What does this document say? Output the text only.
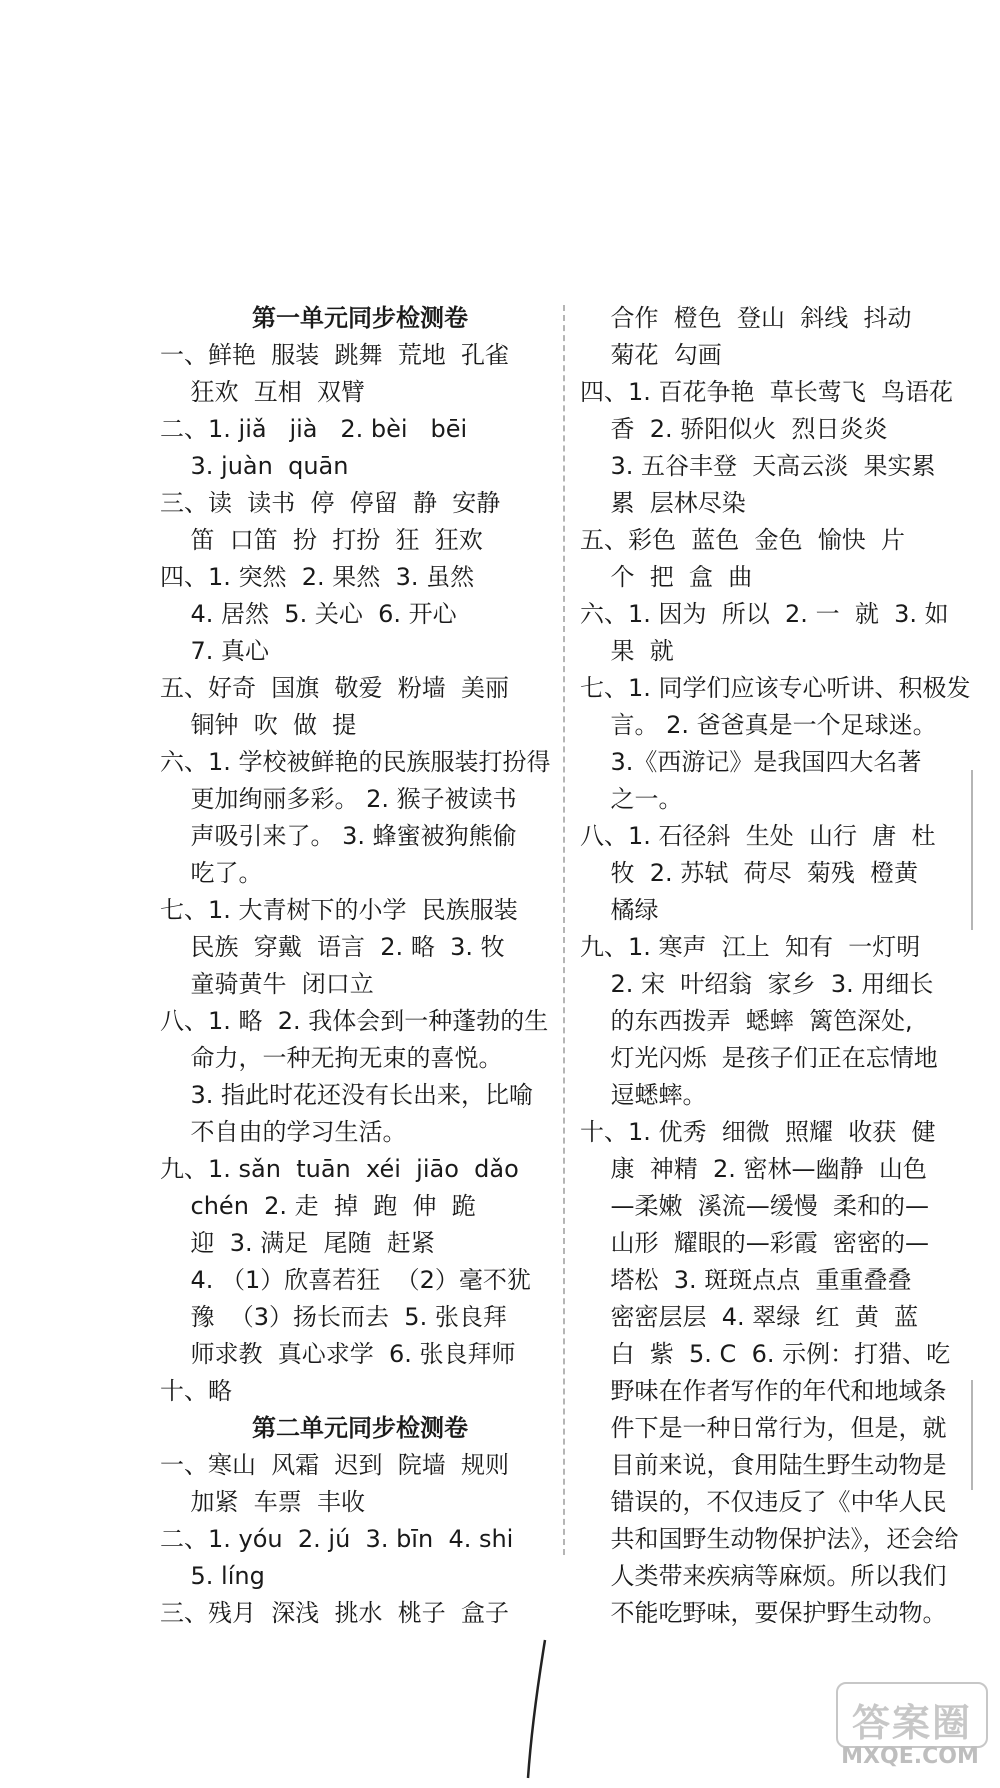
第一单元同步检测卷
一、鲜艳  服装  跳舞  荒地  孔雀
狂欢  互相  双臂
二、1. jiǎ   jià   2. bèi   bēi
3. juàn  quān
三、读  读书  停  停留  静  安静
笛  口笛  扮  打扮  狂  狂欢
四、1. 突然  2. 果然  3. 虽然
4. 居然  5. 关心  6. 开心
7. 真心
五、好奇  国旗  敬爱  粉墙  美丽
铜钟  吹  做  提
六、1. 学校被鲜艳的民族服装打扮得
更加绚丽多彩。 2. 猴子被读书
声吸引来了。 3. 蜂蜜被狗熊偷
吃了。
七、1. 大青树下的小学  民族服装
民族  穿戴  语言  2. 略  3. 牧
童骑黄牛  闭口立
八、1. 略  2. 我体会到一种蓬勃的生
命力，一种无拘无束的喜悦。
3. 指此时花还没有长出来，比喻
不自由的学习生活。
九、1. sǎn  tuān  xéi  jiāo  dǎo
chén  2. 走  掉  跑  伸  跪
迎  3. 满足  尾随  赶紧
4. （1）欣喜若狂  （2）毫不犹
豫  （3）扬长而去  5. 张良拜
师求教  真心求学  6. 张良拜师
十、略
第二单元同步检测卷
一、寒山  风霜  迟到  院墙  规则
加紧  车票  丰收
二、1. yóu  2. jú  3. bīn  4. shi
5. líng
三、残月  深浅  挑水  桃子  盒子
合作  橙色  登山  斜线  抖动
菊花  勾画
四、1. 百花争艳  草长莺飞  鸟语花
香  2. 骄阳似火  烈日炎炎
3. 五谷丰登  天高云淡  果实累
累  层林尽染
五、彩色  蓝色  金色  愉快  片
个  把  盒  曲
六、1. 因为  所以  2. 一  就  3. 如
果  就
七、1. 同学们应该专心听讲、积极发
言。 2. 爸爸真是一个足球迷。
3.《西游记》是我国四大名著
之一。
八、1. 石径斜  生处  山行  唐  杜
牧  2. 苏轼  荷尽  菊残  橙黄
橘绿
九、1. 寒声  江上  知有  一灯明
2. 宋  叶绍翁  家乡  3. 用细长
的东西拨弄  蟋蟀  篱笆深处,
灯光闪烁  是孩子们正在忘情地
逗蟋蟀。
十、1. 优秀  细微  照耀  收获  健
康  神精  2. 密林—幽静  山色
—柔嫩  溪流—缓慢  柔和的—
山形  耀眼的—彩霞  密密的—
塔松  3. 斑斑点点  重重叠叠
密密层层  4. 翠绿  红  黄  蓝
白  紫  5. C  6. 示例：打猎、吃
野味在作者写作的年代和地域条
件下是一种日常行为，但是，就
目前来说，食用陆生野生动物是
错误的，不仅违反了《中华人民
共和国野生动物保护法》，还会给
人类带来疾病等麻烦。所以我们
不能吃野味，要保护野生动物。
答案圈
MXQE.COM
